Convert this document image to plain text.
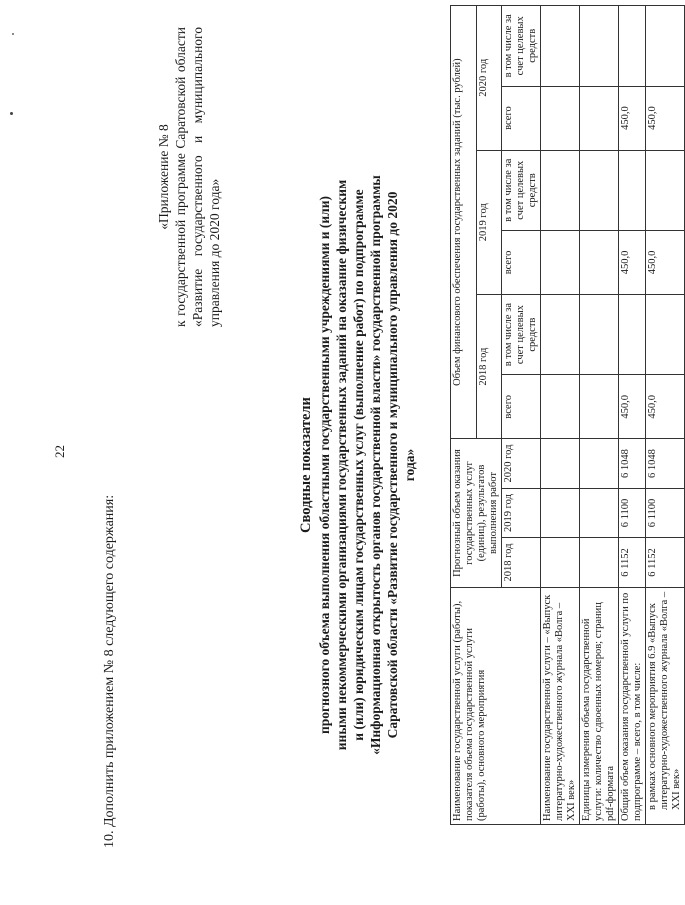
22
10. Дополнить приложением № 8 следующего содержания:
«Приложение № 8 к государственной программе Саратовской области «Развитие государственного и муниципального управления до 2020 года»
Сводные показатели прогнозного объема выполнения областными государственными учреждениями и (или) иными некоммерческими организациями государственных заданий на оказание физическим и (или) юридическим лицам государственных услуг (выполнение работ) по подпрограмме «Информационная открытость органов государственной власти» государственной программы Саратовской области «Развитие государственного и муниципального управления до 2020 года»
Наименование государственной услуги (работы), показателя объема государственной услуги (работы), основного мероприятия	Прогнозный объем оказания государственных услуг (единиц), результатов выполнения работ			Объем финансового обеспечения государственных заданий (тыс. рублей)					
				2018 год		2019 год		2020 год	
	2018 год	2019 год	2020 год	всего	в том числе за счет целевых средств	всего	в том числе за счет целевых средств	всего	в том числе за счет целевых средств
Наименование государственной услуги – «Выпуск литературно-художественного журнала «Волга – XXI век»									
Единицы измерения объема государственной услуги: количество сдвоенных номеров; страниц pdf-формата									
Общий объем оказания государственной услуги по подпрограмме – всего, в том числе:	6 1152	6 1100	6 1048	450,0		450,0		450,0	
в рамках основного мероприятия 6.9 «Выпуск литературно-художественного журнала «Волга – XXI век»	6 1152	6 1100	6 1048	450,0		450,0		450,0	
